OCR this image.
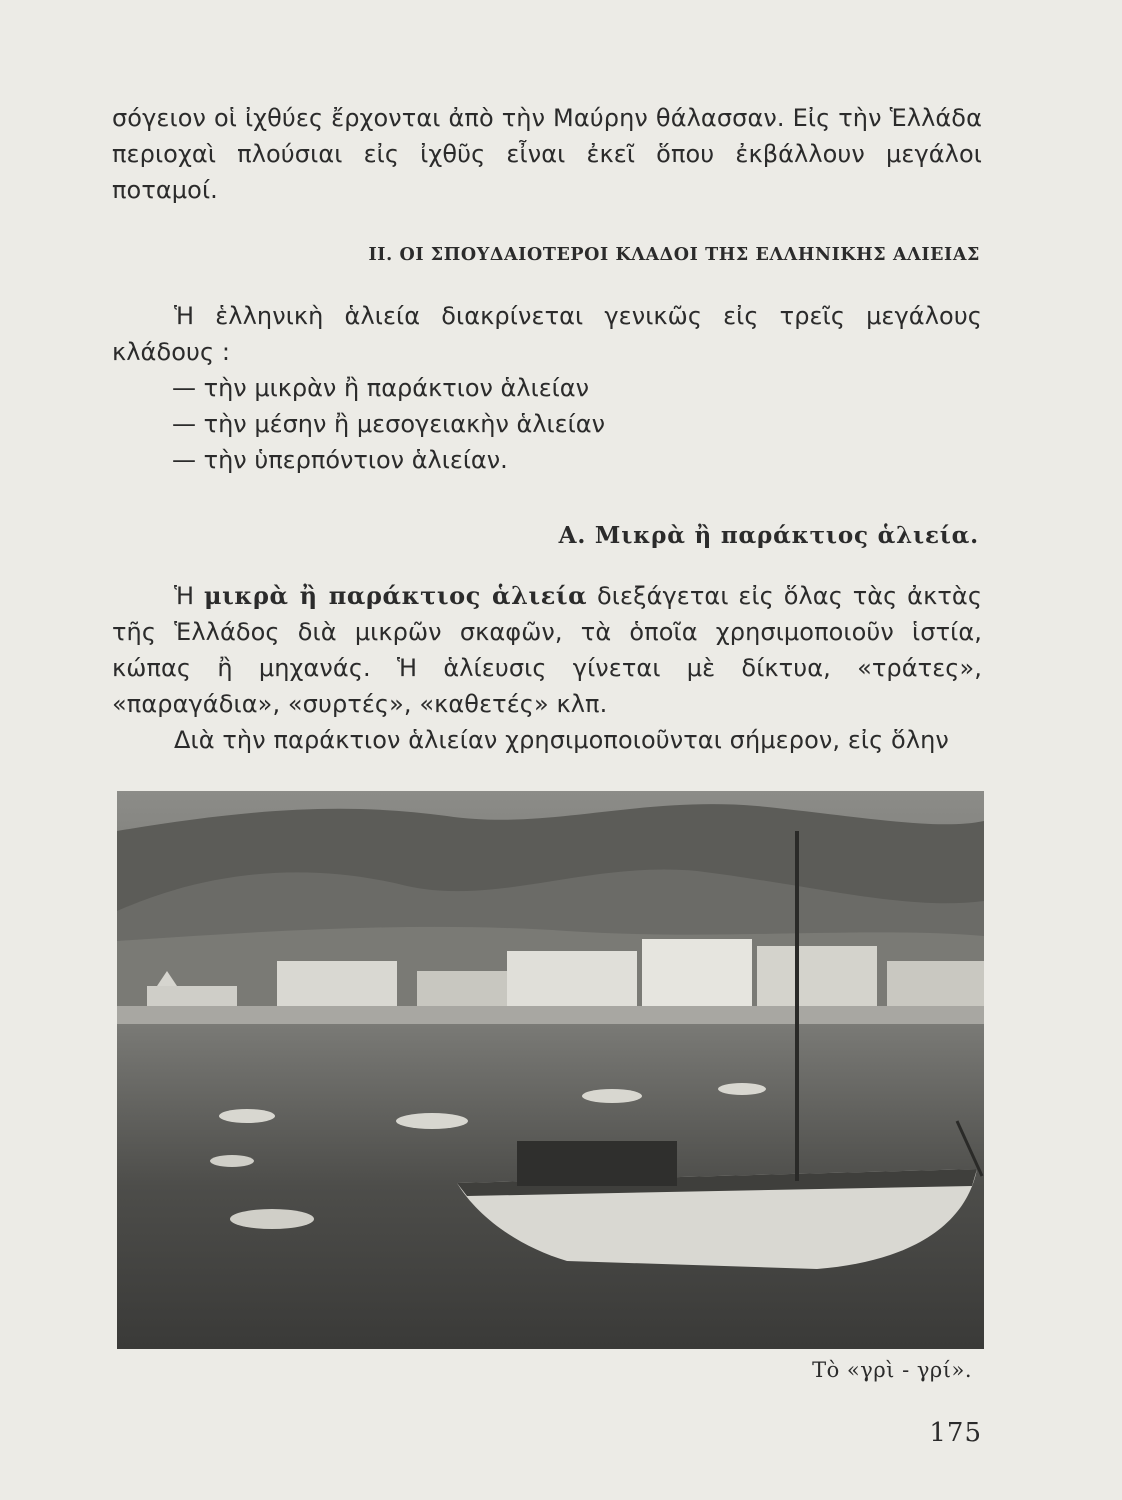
σόγειον οἱ ἰχθύες ἔρχονται ἀπὸ τὴν Μαύρην θάλασσαν. Εἰς τὴν Ἑλλάδα περιοχαὶ πλούσιαι εἰς ἰχθῦς εἶναι ἐκεῖ ὅπου ἐκβάλλουν μεγάλοι ποταμοί.

II. ΟΙ ΣΠΟΥΔΑΙΟΤΕΡΟΙ ΚΛΑΔΟΙ ΤΗΣ ΕΛΛΗΝΙΚΗΣ ΑΛΙΕΙΑΣ

Ἡ ἑλληνικὴ ἁλιεία διακρίνεται γενικῶς εἰς τρεῖς μεγάλους κλάδους :

— τὴν μικρὰν ἢ παράκτιον ἁλιείαν

— τὴν μέσην ἢ μεσογειακὴν ἁλιείαν

— τὴν ὑπερπόντιον ἁλιείαν.

Α. Μικρὰ ἢ παράκτιος ἁλιεία.

Ἡ μικρὰ ἢ παράκτιος ἁλιεία διεξάγεται εἰς ὅλας τὰς ἀκτὰς τῆς Ἑλλάδος διὰ μικρῶν σκαφῶν, τὰ ὁποῖα χρησιμοποιοῦν ἱστία, κώπας ἢ μηχανάς. Ἡ ἁλίευσις γίνεται μὲ δίκτυα, «τράτες», «παραγάδια», «συρτές», «καθετές» κλπ.

Διὰ τὴν παράκτιον ἁλιείαν χρησιμοποιοῦνται σήμερον, εἰς ὅλην

Τὸ «γρὶ - γρί».
175
